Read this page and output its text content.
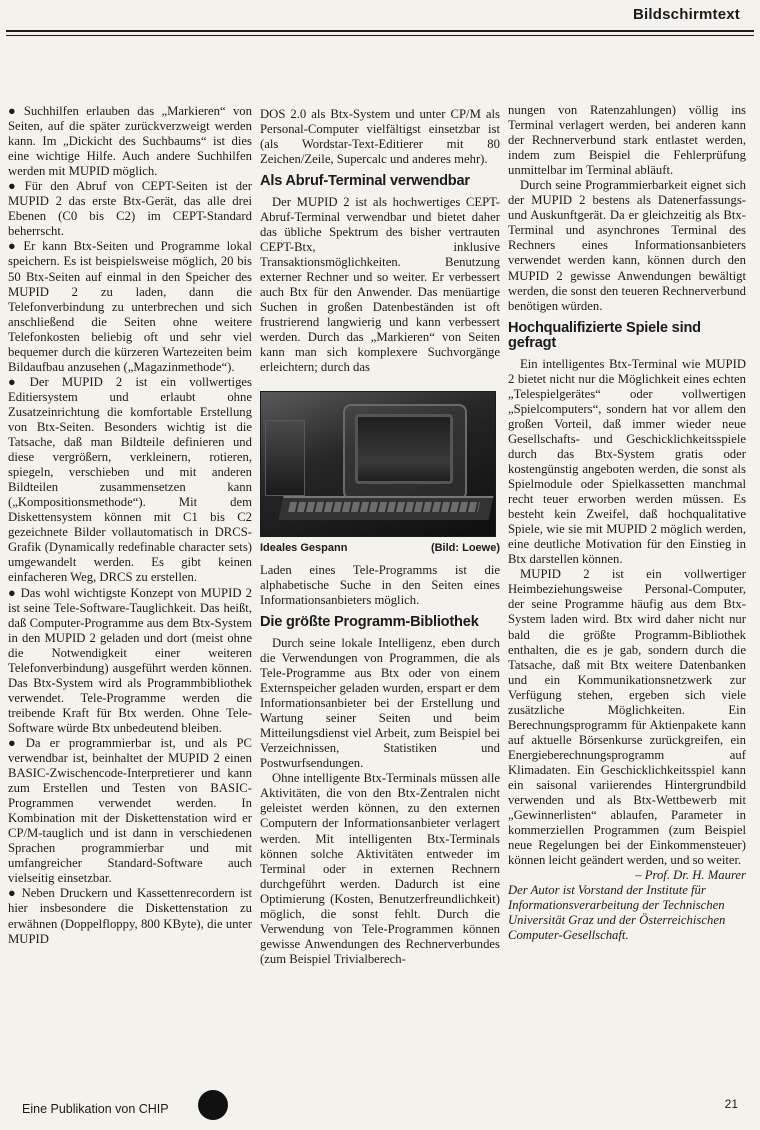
Bildschirmtext

● Suchhilfen erlauben das „Markieren“ von Seiten, auf die später zurückverzweigt werden kann. Im „Dickicht des Suchbaums“ ist dies eine wichtige Hilfe. Auch andere Suchhilfen werden mit MUPID möglich.

● Für den Abruf von CEPT-Seiten ist der MUPID 2 das erste Btx-Gerät, das alle drei Ebenen (C0 bis C2) im CEPT-Standard beherrscht.

● Er kann Btx-Seiten und Programme lokal speichern. Es ist beispielsweise möglich, 20 bis 50 Btx-Seiten auf einmal in den Speicher des MUPID 2 zu laden, dann die Telefonverbindung zu unterbrechen und sich anschließend die Seiten ohne weitere Telefonkosten beliebig oft und sehr viel bequemer durch die kürzeren Wartezeiten beim Bildaufbau anzusehen („Magazinmethode“).

● Der MUPID 2 ist ein vollwertiges Editiersystem und erlaubt ohne Zusatzeinrichtung die komfortable Erstellung von Btx-Seiten. Besonders wichtig ist die Tatsache, daß man Bildteile definieren und diese vergrößern, verkleinern, rotieren, spiegeln, verschieben und mit anderen Bildteilen zusammensetzen kann („Kompositionsmethode“). Mit dem Diskettensystem können mit C1 bis C2 gezeichnete Bilder vollautomatisch in DRCS-Grafik (Dynamically redefinable character sets) umgewandelt werden. Es gibt keinen einfacheren Weg, DRCS zu erstellen.

● Das wohl wichtigste Konzept von MUPID 2 ist seine Tele-Software-Tauglichkeit. Das heißt, daß Computer-Programme aus dem Btx-System in den MUPID 2 geladen und dort (meist ohne die Notwendigkeit einer weiteren Telefonverbindung) ausgeführt werden können. Das Btx-System wird als Programmbibliothek verwendet. Tele-Programme werden die treibende Kraft für Btx werden. Ohne Tele-Software würde Btx unbedeutend bleiben.

● Da er programmierbar ist, und als PC verwendbar ist, beinhaltet der MUPID 2 einen BASIC-Zwischencode-Interpretierer und kann zum Erstellen und Testen von BASIC-Programmen verwendet werden. In Kombination mit der Diskettenstation wird er CP/M-tauglich und ist dann in verschiedenen Sprachen programmierbar und mit umfangreicher Standard-Software auch vielseitig einsetzbar.

● Neben Druckern und Kassettenrecordern ist hier insbesondere die Diskettenstation zu erwähnen (Doppelfloppy, 800 KByte), die unter MUPID

DOS 2.0 als Btx-System und unter CP/M als Personal-Computer vielfältigst einsetzbar ist (als Wordstar-Text-Editierer mit 80 Zeichen/Zeile, Supercalc und anderes mehr).

Als Abruf-Terminal verwendbar

Der MUPID 2 ist als hochwertiges CEPT-Abruf-Terminal verwendbar und bietet daher das übliche Spektrum des bisher vertrauten CEPT-Btx, inklusive Transaktionsmöglichkeiten. Benutzung externer Rechner und so weiter. Er verbessert auch Btx für den Anwender. Das menüartige Suchen in großen Datenbeständen ist oft frustrierend langwierig und kann verbessert werden. Durch das „Markieren“ von Seiten kann man sich komplexere Suchvorgänge erleichtern; durch das

Ideales Gespann	(Bild: Loewe)

Laden eines Tele-Programms ist die alphabetische Suche in den Seiten eines Informationsanbieters möglich.

Die größte Programm-Bibliothek

Durch seine lokale Intelligenz, eben durch die Verwendungen von Programmen, die als Tele-Programme aus Btx oder von einem Externspeicher geladen wurden, erspart er dem Informationsanbieter bei der Erstellung und Wartung seiner Seiten und beim Mitteilungsdienst viel Arbeit, zum Beispiel bei Verzeichnissen, Statistiken und Postwurfsendungen.

Ohne intelligente Btx-Terminals müssen alle Aktivitäten, die von den Btx-Zentralen nicht geleistet werden können, zu den externen Computern der Informationsanbieter verlagert werden. Mit intelligenten Btx-Terminals können solche Aktivitäten entweder im Terminal oder in externen Rechnern durchgeführt werden. Dadurch ist eine Optimierung (Kosten, Benutzerfreundlichkeit) möglich, die sonst fehlt. Durch die Verwendung von Tele-Programmen können gewisse Anwendungen des Rechnerverbundes (zum Beispiel Trivialberech-

nungen von Ratenzahlungen) völlig ins Terminal verlagert werden, bei anderen kann der Rechnerverbund stark entlastet werden, indem zum Beispiel die Fehlerprüfung unmittelbar im Terminal abläuft.

Durch seine Programmierbarkeit eignet sich der MUPID 2 bestens als Datenerfassungs- und Auskunftgerät. Da er gleichzeitig als Btx-Terminal und asynchrones Terminal des Rechners eines Informationsanbieters verwendet werden kann, können durch den MUPID 2 gewisse Anwendungen bewältigt werden, die sonst den teueren Rechnerverbund benötigen würden.

Hochqualifizierte Spiele sind gefragt

Ein intelligentes Btx-Terminal wie MUPID 2 bietet nicht nur die Möglichkeit eines echten „Telespielgerätes“ oder vollwertigen „Spielcomputers“, sondern hat vor allem den großen Vorteil, daß immer wieder neue Gesellschafts- und Geschicklichkeitsspiele durch das Btx-System gratis oder kostengünstig angeboten werden, die sonst als Spielmodule oder Spielkassetten manchmal recht teuer erworben werden müssen. Es besteht kein Zweifel, daß hochqualitative Spiele, wie sie mit MUPID 2 möglich werden, eine deutliche Motivation für den Einstieg in Btx darstellen können.

MUPID 2 ist ein vollwertiger Heimbeziehungsweise Personal-Computer, der seine Programme häufig aus dem Btx-System laden wird. Btx wird daher nicht nur bald die größte Programm-Bibliothek enthalten, die es je gab, sondern durch die Tatsache, daß mit Btx weitere Datenbanken und ein Kommunikationsnetzwerk zur Verfügung stehen, ergeben sich viele zusätzliche Möglichkeiten. Ein Berechnungsprogramm für Aktienpakete kann auf aktuelle Börsenkurse zurückgreifen, ein Energieberechnungsprogramm auf Klimadaten. Ein Geschicklichkeitsspiel kann ein saisonal variierendes Hintergrundbild verwenden und als Btx-Wettbewerb mit „Gewinnerlisten“ ablaufen, Parameter in kommerziellen Programmen (zum Beispiel neue Regelungen bei der Einkommensteuer) können leicht geändert werden, und so weiter.

– Prof. Dr. H. Maurer

Der Autor ist Vorstand der Institute für Informationsverarbeitung der Technischen Universität Graz und der Österreichischen Computer-Gesellschaft.

Eine Publikation von CHIP	21
